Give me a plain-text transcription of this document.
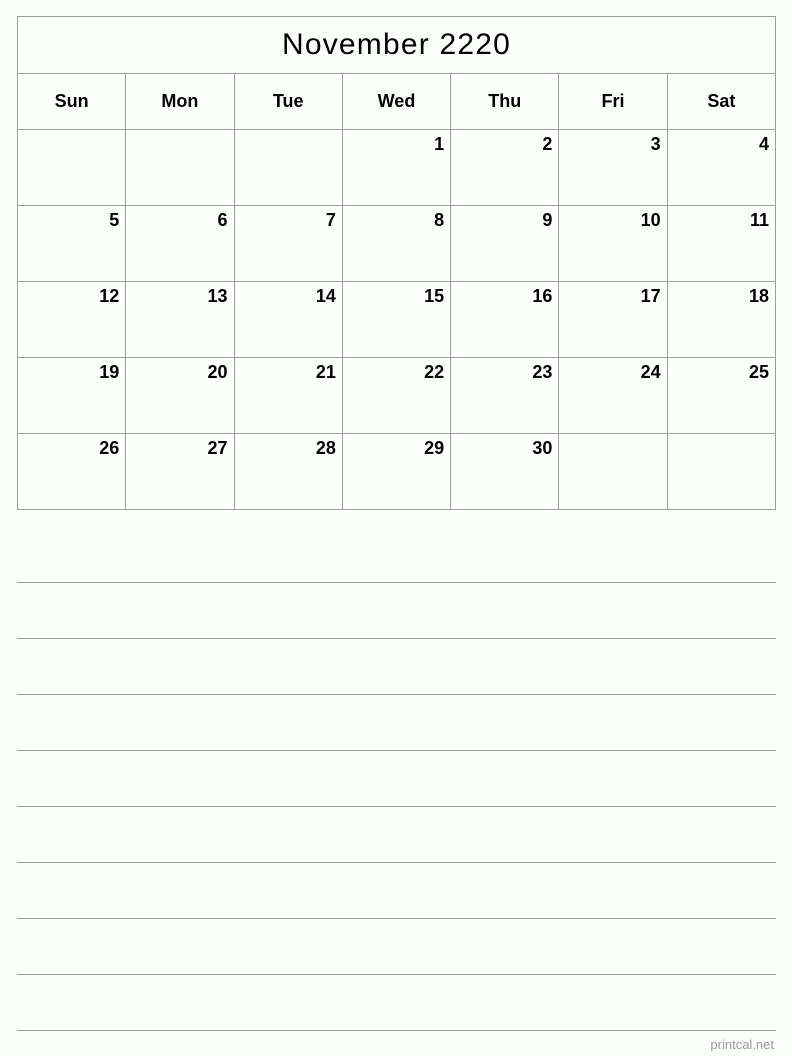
November 2220						
Sun	Mon	Tue	Wed	Thu	Fri	Sat
			1	2	3	4
5	6	7	8	9	10	11
12	13	14	15	16	17	18
19	20	21	22	23	24	25
26	27	28	29	30		
printcal.net
